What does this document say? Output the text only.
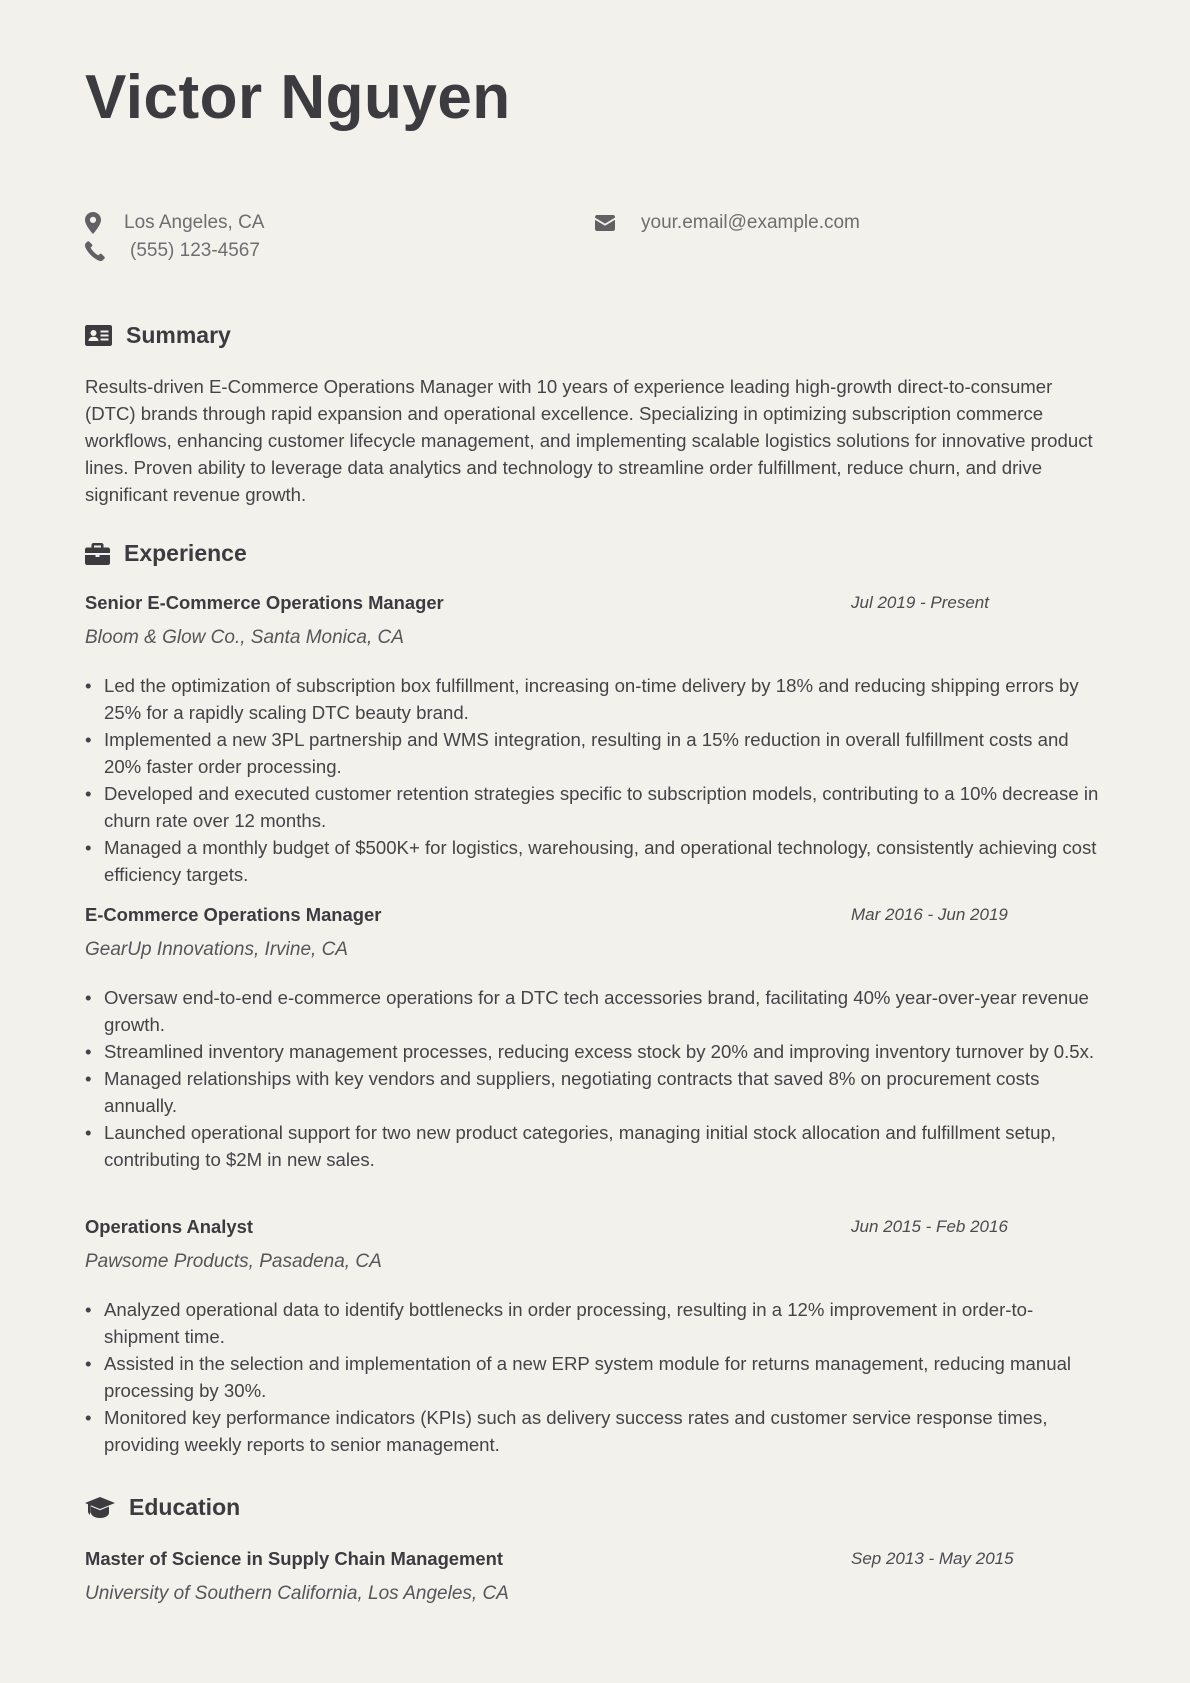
Victor Nguyen
Los Angeles, CA
(555) 123-4567
your.email@example.com
Summary

Results-driven E-Commerce Operations Manager with 10 years of experience leading high-growth direct-to-consumer (DTC) brands through rapid expansion and operational excellence. Specializing in optimizing subscription commerce workflows, enhancing customer lifecycle management, and implementing scalable logistics solutions for innovative product lines. Proven ability to leverage data analytics and technology to streamline order fulfillment, reduce churn, and drive significant revenue growth.

Experience
Senior E-Commerce Operations Manager	Jul 2019 - Present
Bloom & Glow Co., Santa Monica, CA
• Led the optimization of subscription box fulfillment, increasing on-time delivery by 18% and reducing shipping errors by 25% for a rapidly scaling DTC beauty brand.
• Implemented a new 3PL partnership and WMS integration, resulting in a 15% reduction in overall fulfillment costs and 20% faster order processing.
• Developed and executed customer retention strategies specific to subscription models, contributing to a 10% decrease in churn rate over 12 months.
• Managed a monthly budget of $500K+ for logistics, warehousing, and operational technology, consistently achieving cost efficiency targets.
E-Commerce Operations Manager	Mar 2016 - Jun 2019
GearUp Innovations, Irvine, CA
• Oversaw end-to-end e-commerce operations for a DTC tech accessories brand, facilitating 40% year-over-year revenue growth.
• Streamlined inventory management processes, reducing excess stock by 20% and improving inventory turnover by 0.5x.
• Managed relationships with key vendors and suppliers, negotiating contracts that saved 8% on procurement costs annually.
• Launched operational support for two new product categories, managing initial stock allocation and fulfillment setup, contributing to $2M in new sales.
Operations Analyst	Jun 2015 - Feb 2016
Pawsome Products, Pasadena, CA
• Analyzed operational data to identify bottlenecks in order processing, resulting in a 12% improvement in order-to-shipment time.
• Assisted in the selection and implementation of a new ERP system module for returns management, reducing manual processing by 30%.
• Monitored key performance indicators (KPIs) such as delivery success rates and customer service response times, providing weekly reports to senior management.
Education
Master of Science in Supply Chain Management	Sep 2013 - May 2015
University of Southern California, Los Angeles, CA
